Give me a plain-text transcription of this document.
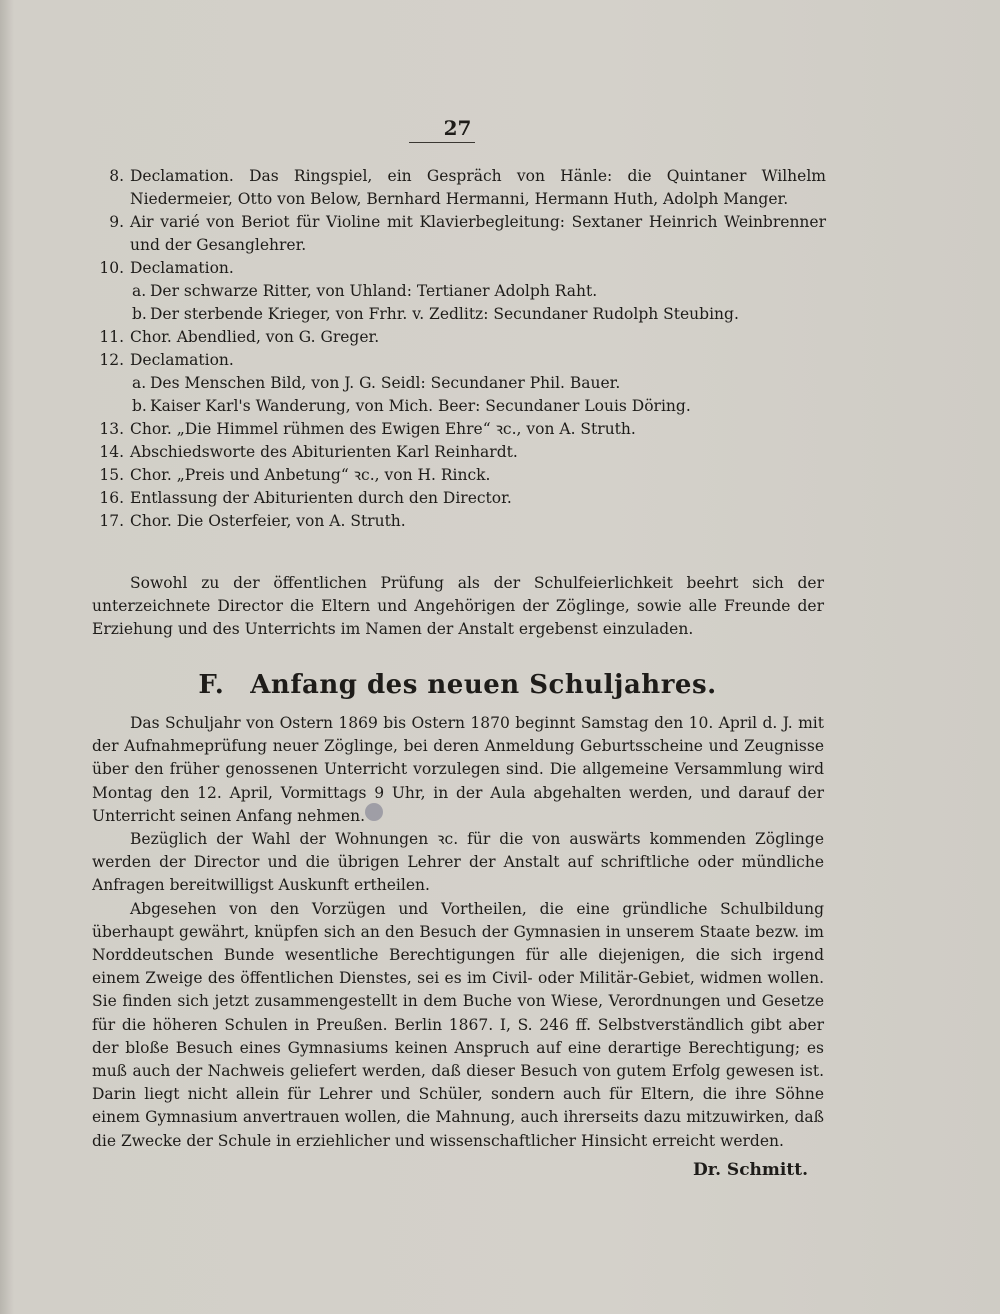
27
8. Declamation. Das Ringspiel, ein Gespräch von Hänle: die Quintaner Wilhelm Niedermeier, Otto von Below, Bernhard Hermanni, Hermann Huth, Adolph Manger.
9. Air varié von Beriot für Violine mit Klavierbegleitung: Sextaner Heinrich Weinbrenner und der Gesanglehrer.
10. Declamation.
a. Der schwarze Ritter, von Uhland: Tertianer Adolph Raht.
b. Der sterbende Krieger, von Frhr. v. Zedlitz: Secundaner Rudolph Steubing.
11. Chor. Abendlied, von G. Greger.
12. Declamation.
a. Des Menschen Bild, von J. G. Seidl: Secundaner Phil. Bauer.
b. Kaiser Karl's Wanderung, von Mich. Beer: Secundaner Louis Döring.
13. Chor. „Die Himmel rühmen des Ewigen Ehre“ ꝛc., von A. Struth.
14. Abschiedsworte des Abiturienten Karl Reinhardt.
15. Chor. „Preis und Anbetung“ ꝛc., von H. Rinck.
16. Entlassung der Abiturienten durch den Director.
17. Chor. Die Osterfeier, von A. Struth.

Sowohl zu der öffentlichen Prüfung als der Schulfeierlichkeit beehrt sich der unterzeichnete Director die Eltern und Angehörigen der Zöglinge, sowie alle Freunde der Erziehung und des Unterrichts im Namen der Anstalt ergebenst einzuladen.

F. Anfang des neuen Schuljahres.

Das Schuljahr von Ostern 1869 bis Ostern 1870 beginnt Samstag den 10. April d. J. mit der Aufnahmeprüfung neuer Zöglinge, bei deren Anmeldung Geburtsscheine und Zeugnisse über den früher genossenen Unterricht vorzulegen sind. Die allgemeine Versammlung wird Montag den 12. April, Vormittags 9 Uhr, in der Aula abgehalten werden, und darauf der Unterricht seinen Anfang nehmen.

Bezüglich der Wahl der Wohnungen ꝛc. für die von auswärts kommenden Zöglinge werden der Director und die übrigen Lehrer der Anstalt auf schriftliche oder mündliche Anfragen bereitwilligst Auskunft ertheilen.

Abgesehen von den Vorzügen und Vortheilen, die eine gründliche Schulbildung überhaupt gewährt, knüpfen sich an den Besuch der Gymnasien in unserem Staate bezw. im Norddeutschen Bunde wesentliche Berechtigungen für alle diejenigen, die sich irgend einem Zweige des öffentlichen Dienstes, sei es im Civil- oder Militär-Gebiet, widmen wollen. Sie finden sich jetzt zusammengestellt in dem Buche von Wiese, Verordnungen und Gesetze für die höheren Schulen in Preußen. Berlin 1867. I, S. 246 ff. Selbstverständlich gibt aber der bloße Besuch eines Gymnasiums keinen Anspruch auf eine derartige Berechtigung; es muß auch der Nachweis geliefert werden, daß dieser Besuch von gutem Erfolg gewesen ist. Darin liegt nicht allein für Lehrer und Schüler, sondern auch für Eltern, die ihre Söhne einem Gymnasium anvertrauen wollen, die Mahnung, auch ihrerseits dazu mitzuwirken, daß die Zwecke der Schule in erziehlicher und wissenschaftlicher Hinsicht erreicht werden.

Dr. Schmitt.
